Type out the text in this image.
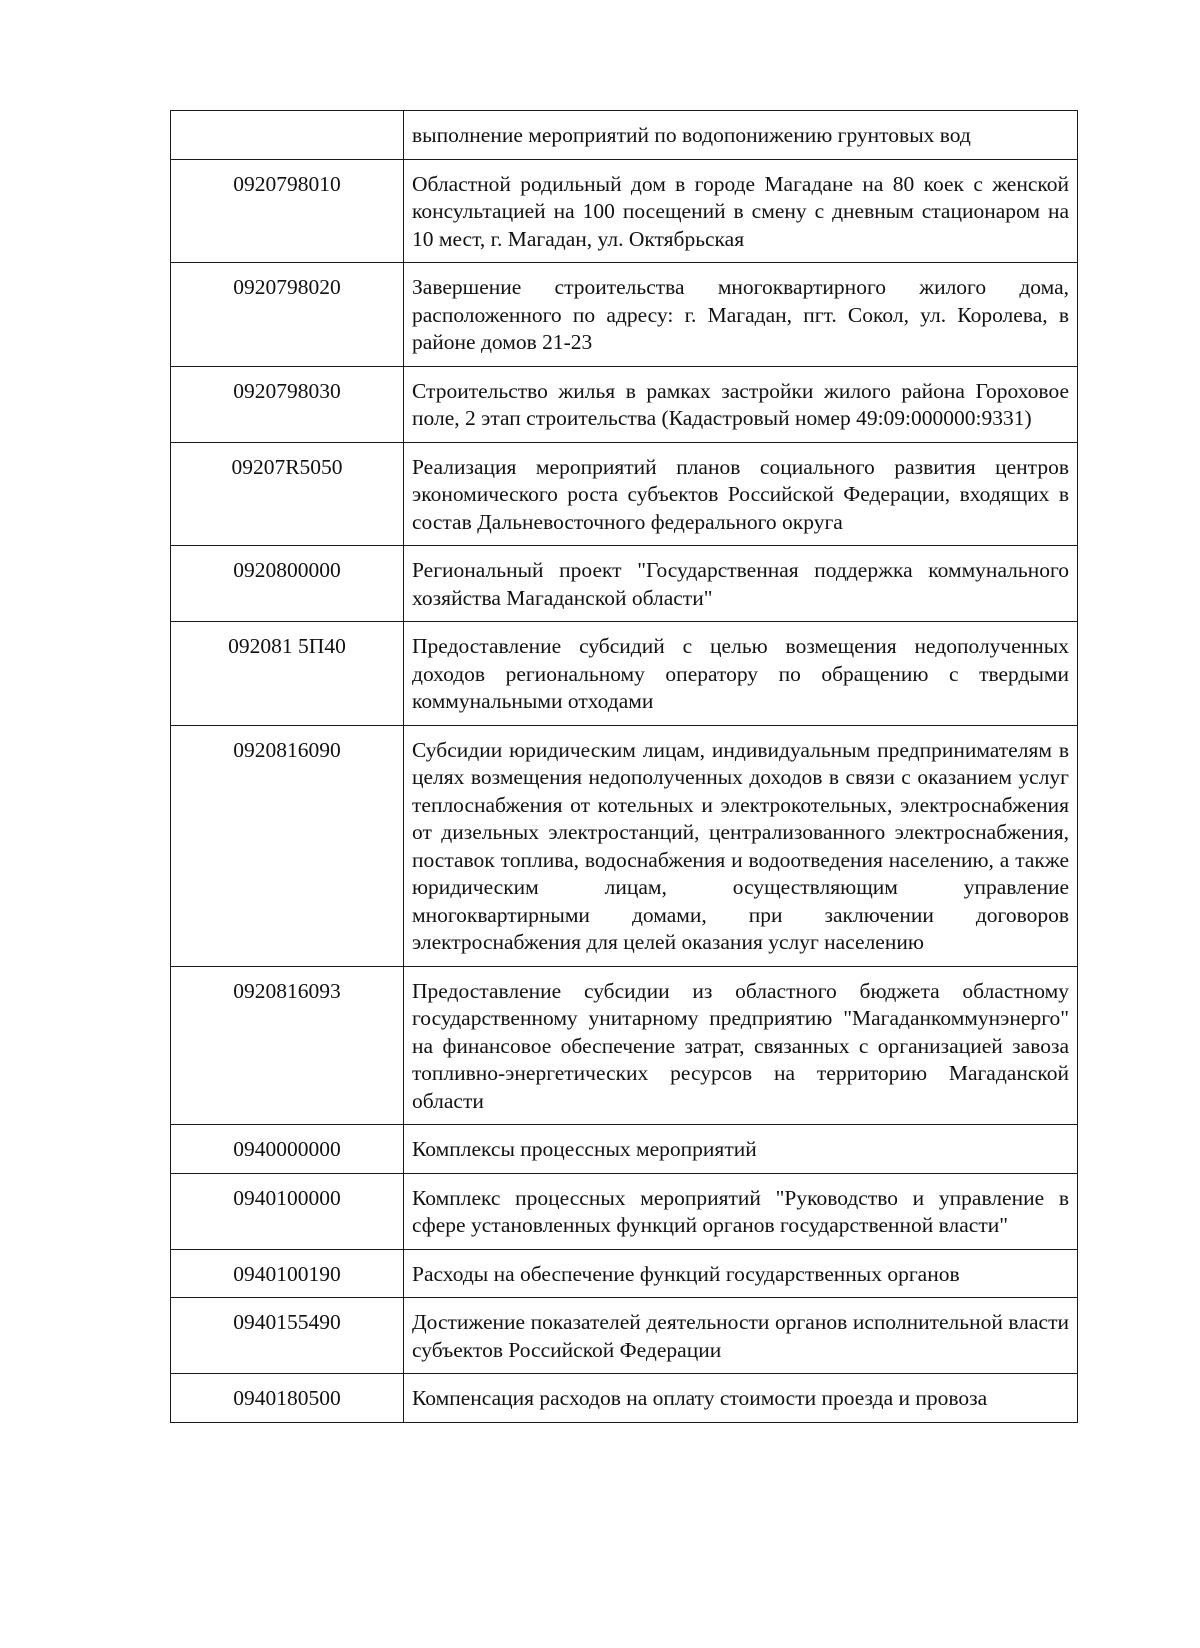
	выполнение мероприятий по водопонижению грунтовых вод

0920798010	Областной родильный дом в городе Магадане на 80 коек с женской консультацией на 100 посещений в смену с дневным стационаром на 10 мест, г. Магадан, ул. Октябрьская

0920798020	Завершение строительства многоквартирного жилого дома, расположенного по адресу: г. Магадан, пгт. Сокол, ул. Королева, в районе домов 21-23

0920798030	Строительство жилья в рамках застройки жилого района Гороховое поле, 2 этап строительства (Кадастровый номер 49:09:000000:9331)

09207R5050	Реализация мероприятий планов социального развития центров экономического роста субъектов Российской Федерации, входящих в состав Дальневосточного федерального округа

0920800000	Региональный проект "Государственная поддержка коммунального хозяйства Магаданской области"

092081 5П40	Предоставление субсидий с целью возмещения недополученных доходов региональному оператору по обращению с твердыми коммунальными отходами

0920816090	Субсидии юридическим лицам, индивидуальным предпринимателям в целях возмещения недополученных доходов в связи с оказанием услуг теплоснабжения от котельных и электрокотельных, электроснабжения от дизельных электростанций, централизованного электроснабжения, поставок топлива, водоснабжения и водоотведения населению, а также юридическим лицам, осуществляющим управление многоквартирными домами, при заключении договоров электроснабжения для целей оказания услуг населению

0920816093	Предоставление субсидии из областного бюджета областному государственному унитарному предприятию "Магаданкоммунэнерго" на финансовое обеспечение затрат, связанных с организацией завоза топливно-энергетических ресурсов на территорию Магаданской области

0940000000	Комплексы процессных мероприятий

0940100000	Комплекс процессных мероприятий "Руководство и управление в сфере установленных функций органов государственной власти"

0940100190	Расходы на обеспечение функций государственных органов

0940155490	Достижение показателей деятельности органов исполнительной власти субъектов Российской Федерации

0940180500	Компенсация расходов на оплату стоимости проезда и провоза
